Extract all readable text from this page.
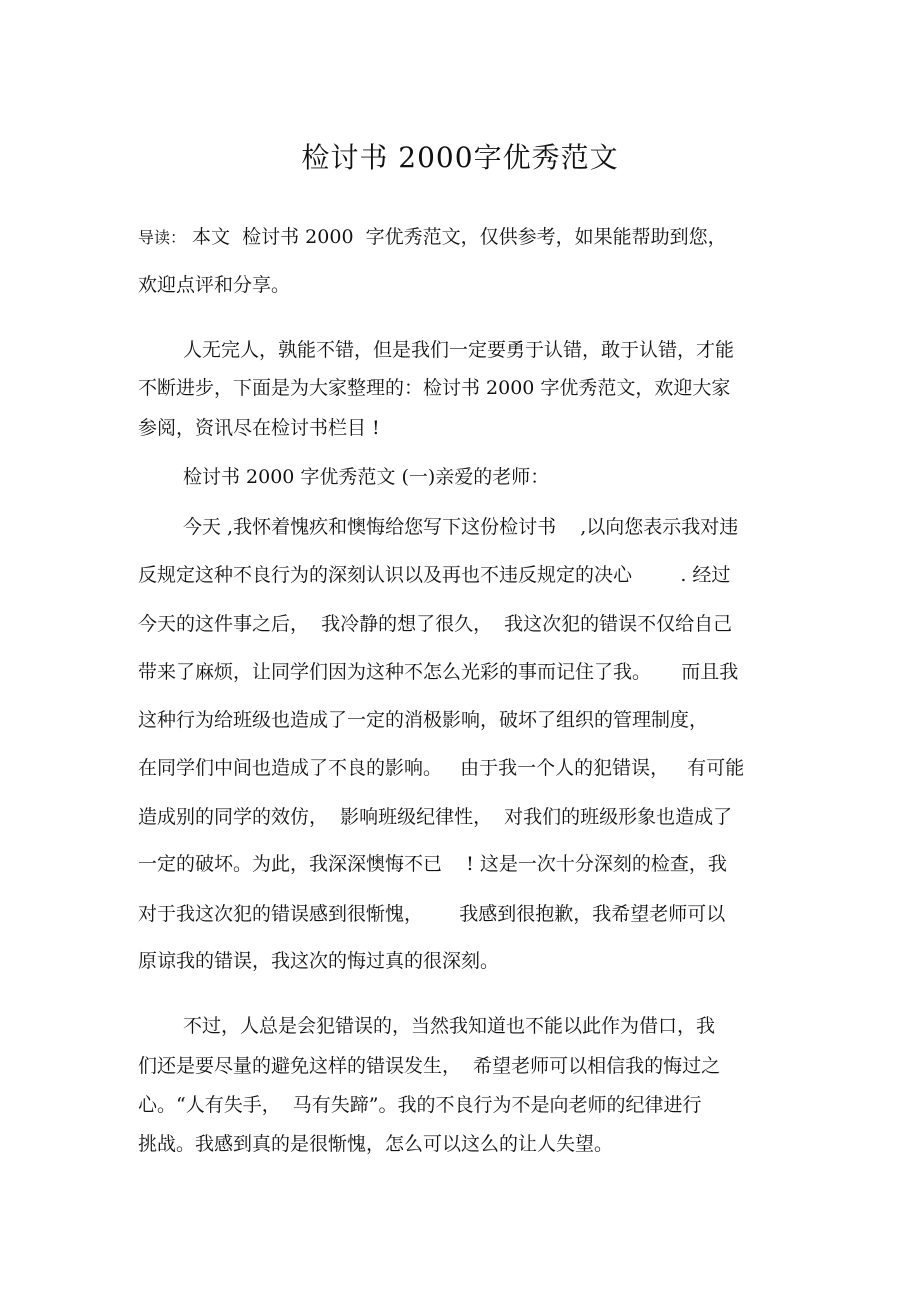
检讨书 2000字优秀范文
导读： 本文  检讨书 2000  字优秀范文，仅供参考，如果能帮助到您，
欢迎点评和分享。
人无完人，孰能不错，但是我们一定要勇于认错，敢于认错，才能
不断进步，下面是为大家整理的：检讨书 2000 字优秀范文，欢迎大家
参阅，资讯尽在检讨书栏目 !
检讨书 2000 字优秀范文 (一)亲爱的老师：
今天 ,我怀着愧疚和懊悔给您写下这份检讨书    ,以向您表示我对违
反规定这种不良行为的深刻认识以及再也不违反规定的决心        . 经过
今天的这件事之后，  我冷静的想了很久，  我这次犯的错误不仅给自己
带来了麻烦，让同学们因为这种不怎么光彩的事而记住了我。     而且我
这种行为给班级也造成了一定的消极影响，破坏了组织的管理制度，
在同学们中间也造成了不良的影响。   由于我一个人的犯错误，   有可能
造成别的同学的效仿，  影响班级纪律性，  对我们的班级形象也造成了
一定的破坏。为此，我深深懊悔不已    ! 这是一次十分深刻的检查，我
对于我这次犯的错误感到很惭愧，      我感到很抱歉，我希望老师可以
原谅我的错误，我这次的悔过真的很深刻。
不过，人总是会犯错误的，当然我知道也不能以此作为借口，我
们还是要尽量的避免这样的错误发生，  希望老师可以相信我的悔过之
心。“人有失手，  马有失蹄”。我的不良行为不是向老师的纪律进行
挑战。我感到真的是很惭愧，怎么可以这么的让人失望。
